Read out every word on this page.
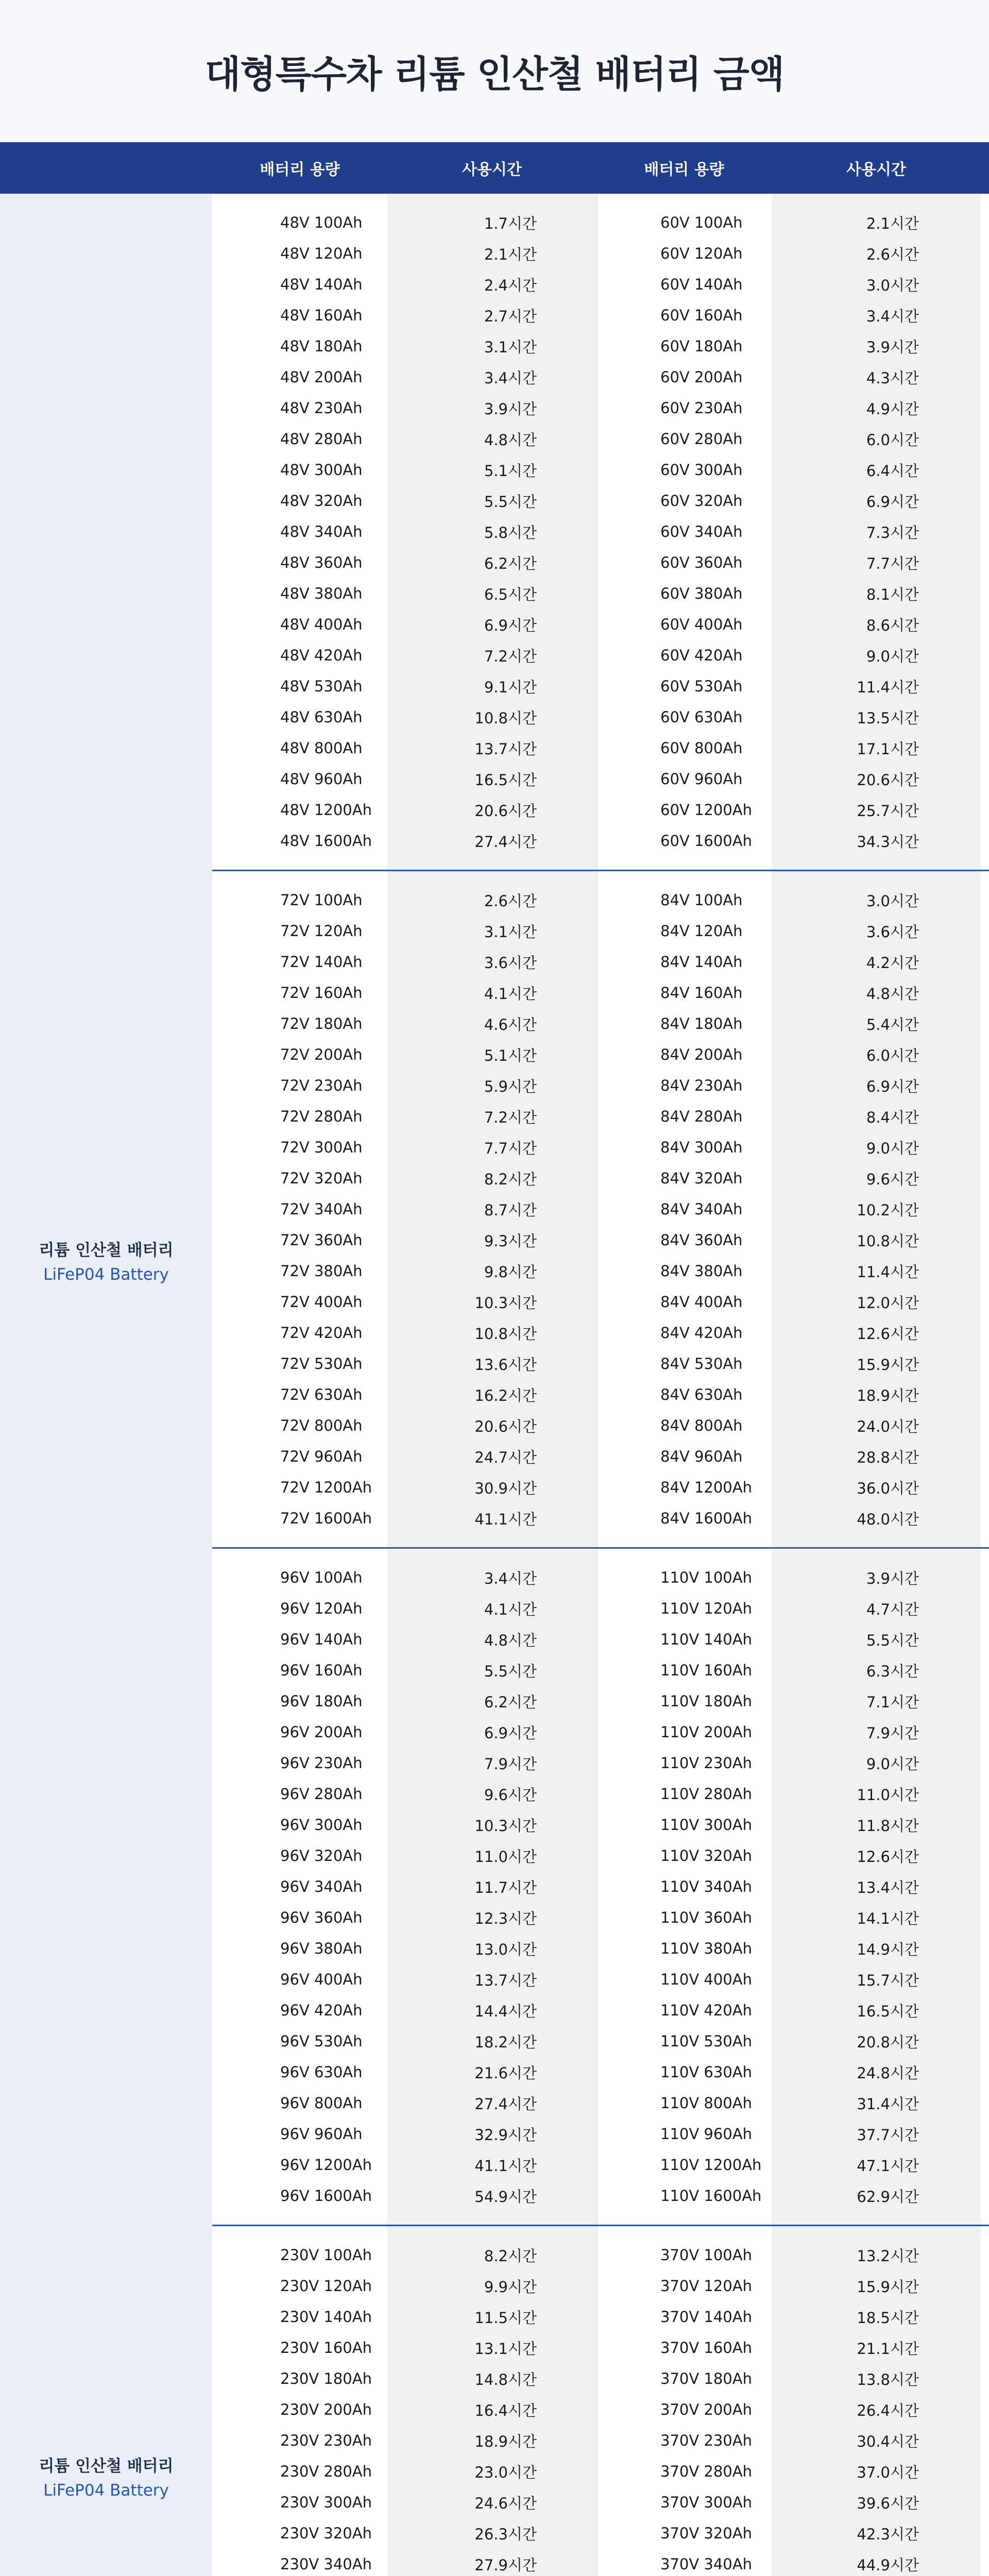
대형특수차 리튬 인산철 배터리 금액
배터리 용량	사용시간	배터리 용량	사용시간
리튬 인산철 배터리
LiFeP04 Battery
리튬 인산철 배터리
LiFeP04 Battery
48V 100Ah	1.7시간	60V 100Ah	2.1시간
48V 120Ah	2.1시간	60V 120Ah	2.6시간
48V 140Ah	2.4시간	60V 140Ah	3.0시간
48V 160Ah	2.7시간	60V 160Ah	3.4시간
48V 180Ah	3.1시간	60V 180Ah	3.9시간
48V 200Ah	3.4시간	60V 200Ah	4.3시간
48V 230Ah	3.9시간	60V 230Ah	4.9시간
48V 280Ah	4.8시간	60V 280Ah	6.0시간
48V 300Ah	5.1시간	60V 300Ah	6.4시간
48V 320Ah	5.5시간	60V 320Ah	6.9시간
48V 340Ah	5.8시간	60V 340Ah	7.3시간
48V 360Ah	6.2시간	60V 360Ah	7.7시간
48V 380Ah	6.5시간	60V 380Ah	8.1시간
48V 400Ah	6.9시간	60V 400Ah	8.6시간
48V 420Ah	7.2시간	60V 420Ah	9.0시간
48V 530Ah	9.1시간	60V 530Ah	11.4시간
48V 630Ah	10.8시간	60V 630Ah	13.5시간
48V 800Ah	13.7시간	60V 800Ah	17.1시간
48V 960Ah	16.5시간	60V 960Ah	20.6시간
48V 1200Ah	20.6시간	60V 1200Ah	25.7시간
48V 1600Ah	27.4시간	60V 1600Ah	34.3시간
72V 100Ah	2.6시간	84V 100Ah	3.0시간
72V 120Ah	3.1시간	84V 120Ah	3.6시간
72V 140Ah	3.6시간	84V 140Ah	4.2시간
72V 160Ah	4.1시간	84V 160Ah	4.8시간
72V 180Ah	4.6시간	84V 180Ah	5.4시간
72V 200Ah	5.1시간	84V 200Ah	6.0시간
72V 230Ah	5.9시간	84V 230Ah	6.9시간
72V 280Ah	7.2시간	84V 280Ah	8.4시간
72V 300Ah	7.7시간	84V 300Ah	9.0시간
72V 320Ah	8.2시간	84V 320Ah	9.6시간
72V 340Ah	8.7시간	84V 340Ah	10.2시간
72V 360Ah	9.3시간	84V 360Ah	10.8시간
72V 380Ah	9.8시간	84V 380Ah	11.4시간
72V 400Ah	10.3시간	84V 400Ah	12.0시간
72V 420Ah	10.8시간	84V 420Ah	12.6시간
72V 530Ah	13.6시간	84V 530Ah	15.9시간
72V 630Ah	16.2시간	84V 630Ah	18.9시간
72V 800Ah	20.6시간	84V 800Ah	24.0시간
72V 960Ah	24.7시간	84V 960Ah	28.8시간
72V 1200Ah	30.9시간	84V 1200Ah	36.0시간
72V 1600Ah	41.1시간	84V 1600Ah	48.0시간
96V 100Ah	3.4시간	110V 100Ah	3.9시간
96V 120Ah	4.1시간	110V 120Ah	4.7시간
96V 140Ah	4.8시간	110V 140Ah	5.5시간
96V 160Ah	5.5시간	110V 160Ah	6.3시간
96V 180Ah	6.2시간	110V 180Ah	7.1시간
96V 200Ah	6.9시간	110V 200Ah	7.9시간
96V 230Ah	7.9시간	110V 230Ah	9.0시간
96V 280Ah	9.6시간	110V 280Ah	11.0시간
96V 300Ah	10.3시간	110V 300Ah	11.8시간
96V 320Ah	11.0시간	110V 320Ah	12.6시간
96V 340Ah	11.7시간	110V 340Ah	13.4시간
96V 360Ah	12.3시간	110V 360Ah	14.1시간
96V 380Ah	13.0시간	110V 380Ah	14.9시간
96V 400Ah	13.7시간	110V 400Ah	15.7시간
96V 420Ah	14.4시간	110V 420Ah	16.5시간
96V 530Ah	18.2시간	110V 530Ah	20.8시간
96V 630Ah	21.6시간	110V 630Ah	24.8시간
96V 800Ah	27.4시간	110V 800Ah	31.4시간
96V 960Ah	32.9시간	110V 960Ah	37.7시간
96V 1200Ah	41.1시간	110V 1200Ah	47.1시간
96V 1600Ah	54.9시간	110V 1600Ah	62.9시간
230V 100Ah	8.2시간	370V 100Ah	13.2시간
230V 120Ah	9.9시간	370V 120Ah	15.9시간
230V 140Ah	11.5시간	370V 140Ah	18.5시간
230V 160Ah	13.1시간	370V 160Ah	21.1시간
230V 180Ah	14.8시간	370V 180Ah	13.8시간
230V 200Ah	16.4시간	370V 200Ah	26.4시간
230V 230Ah	18.9시간	370V 230Ah	30.4시간
230V 280Ah	23.0시간	370V 280Ah	37.0시간
230V 300Ah	24.6시간	370V 300Ah	39.6시간
230V 320Ah	26.3시간	370V 320Ah	42.3시간
230V 340Ah	27.9시간	370V 340Ah	44.9시간
